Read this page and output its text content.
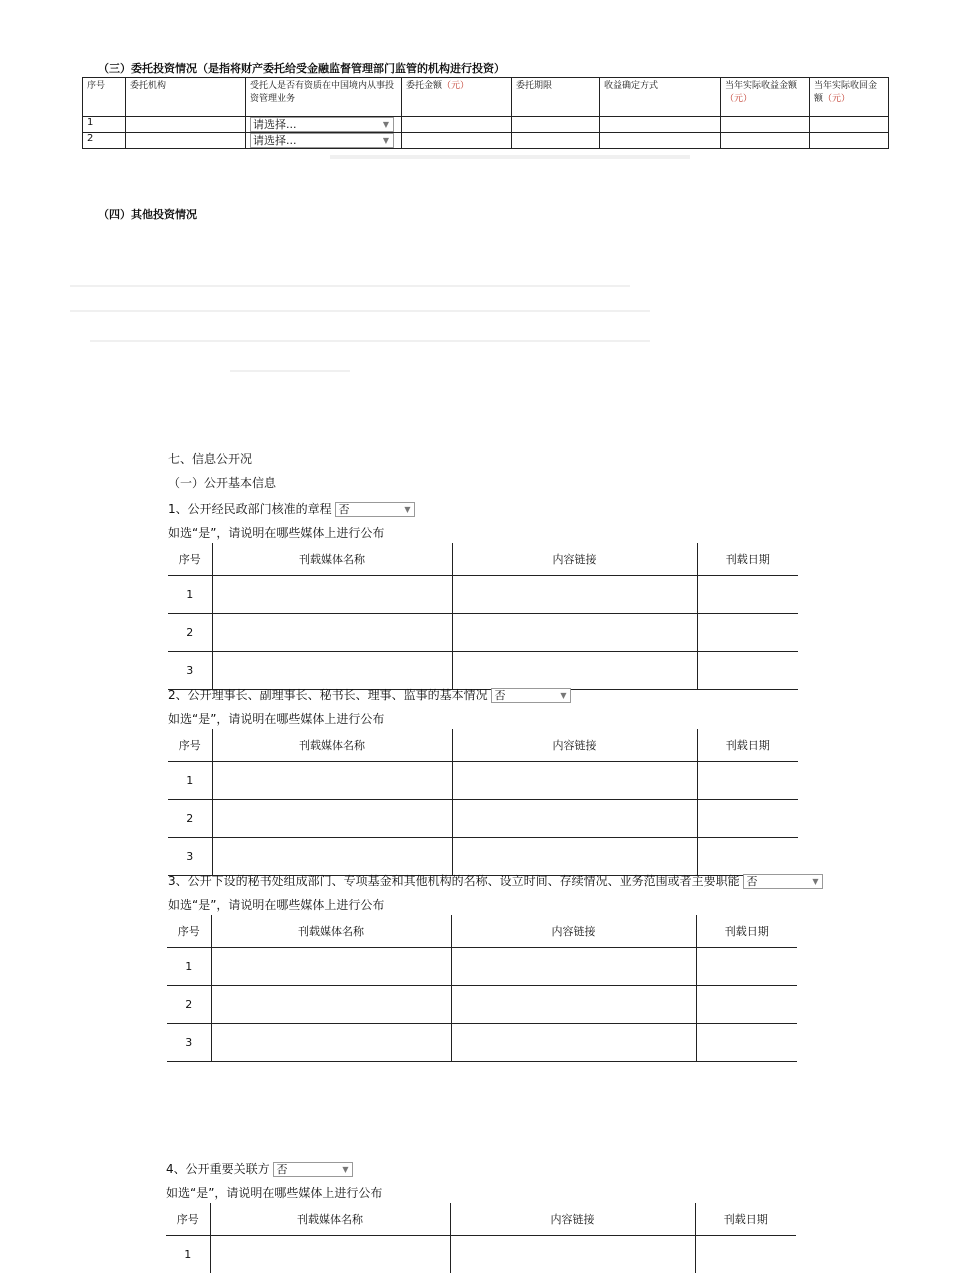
（三）委托投资情况（是指将财产委托给受金融监督管理部门监管的机构进行投资）
序号	委托机构	受托人是否有资质在中国境内从事投资管理业务	委托金额（元）	委托期限	收益确定方式	当年实际收益金额（元）	当年实际收回金额（元）
1		请选择... ▼					

2		请选择... ▼					

（四）其他投资情况
七、信息公开况
（一）公开基本信息
1、公开经民政部门核准的章程 否	▼
如选“是”，请说明在哪些媒体上进行公布
序号	刊载媒体名称	内容链接	刊载日期
1			
2			
3			
2、公开理事长、副理事长、秘书长、理事、监事的基本情况 否	▼
如选“是”，请说明在哪些媒体上进行公布
序号	刊载媒体名称	内容链接	刊载日期
1			
2			
3			
3、公开下设的秘书处组成部门、专项基金和其他机构的名称、设立时间、存续情况、业务范围或者主要职能 否	▼
如选“是”，请说明在哪些媒体上进行公布
序号	刊载媒体名称	内容链接	刊载日期
1			
2			
3			
4、公开重要关联方 否	▼
如选“是”，请说明在哪些媒体上进行公布
序号	刊载媒体名称	内容链接	刊载日期
1			
